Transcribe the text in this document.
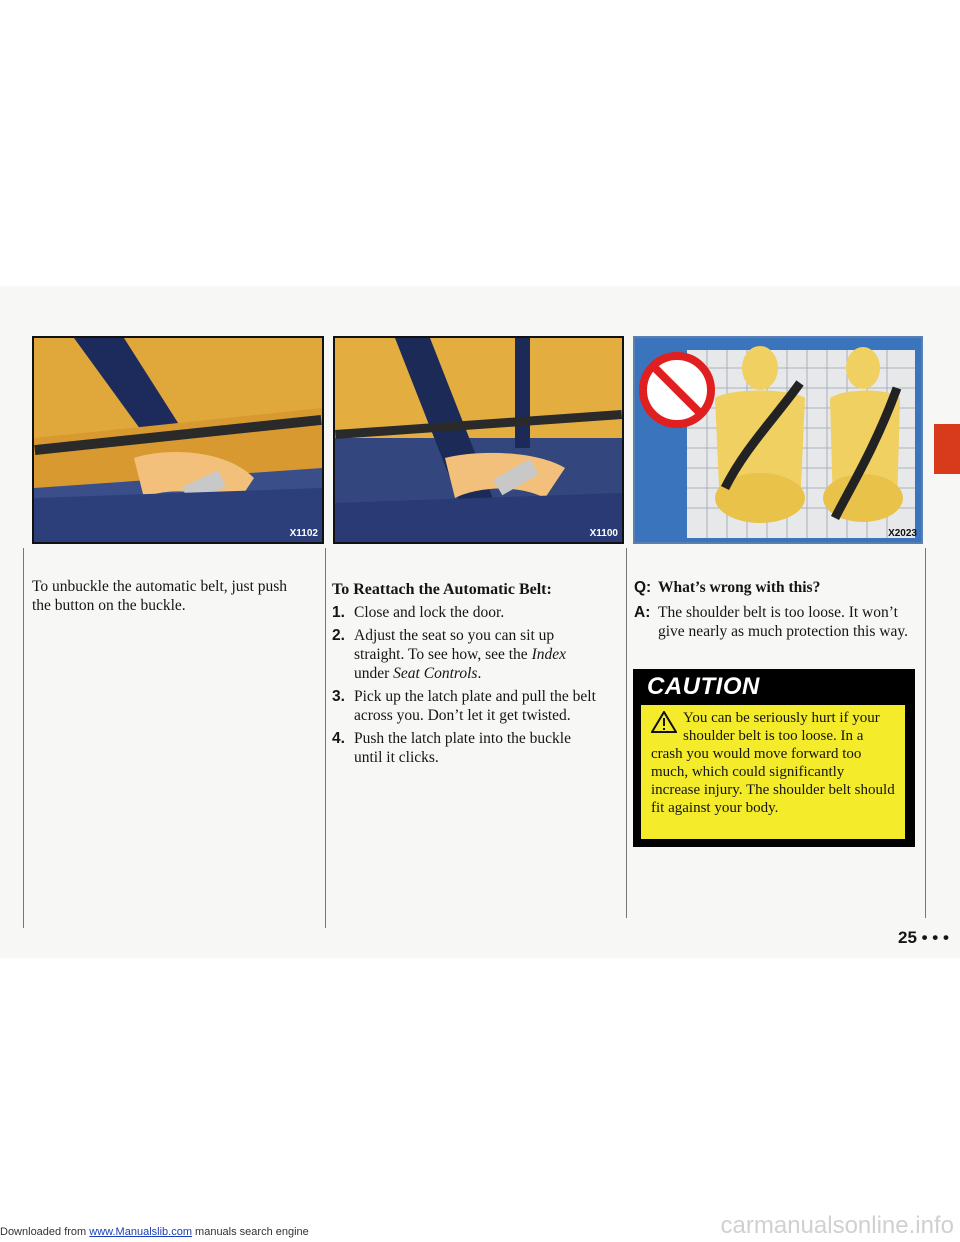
X1102	X1100	X2023

To unbuckle the automatic belt, just push the button on the buckle.

To Reattach the Automatic Belt:

1. Close and lock the door.
2. Adjust the seat so you can sit up straight. To see how, see the Index under Seat Controls.
3. Pick up the latch plate and pull the belt across you. Don’t let it get twisted.
4. Push the latch plate into the buckle until it clicks.
Q: What’s wrong with this?
A: The shoulder belt is too loose. It won’t give nearly as much protection this way.
CAUTION
You can be seriously hurt if your shoulder belt is too loose. In a crash you would move forward too much, which could significantly increase injury. The shoulder belt should fit against your body.
25 • • •
Downloaded from www.Manualslib.com manuals search engine	carmanualsonline.info
